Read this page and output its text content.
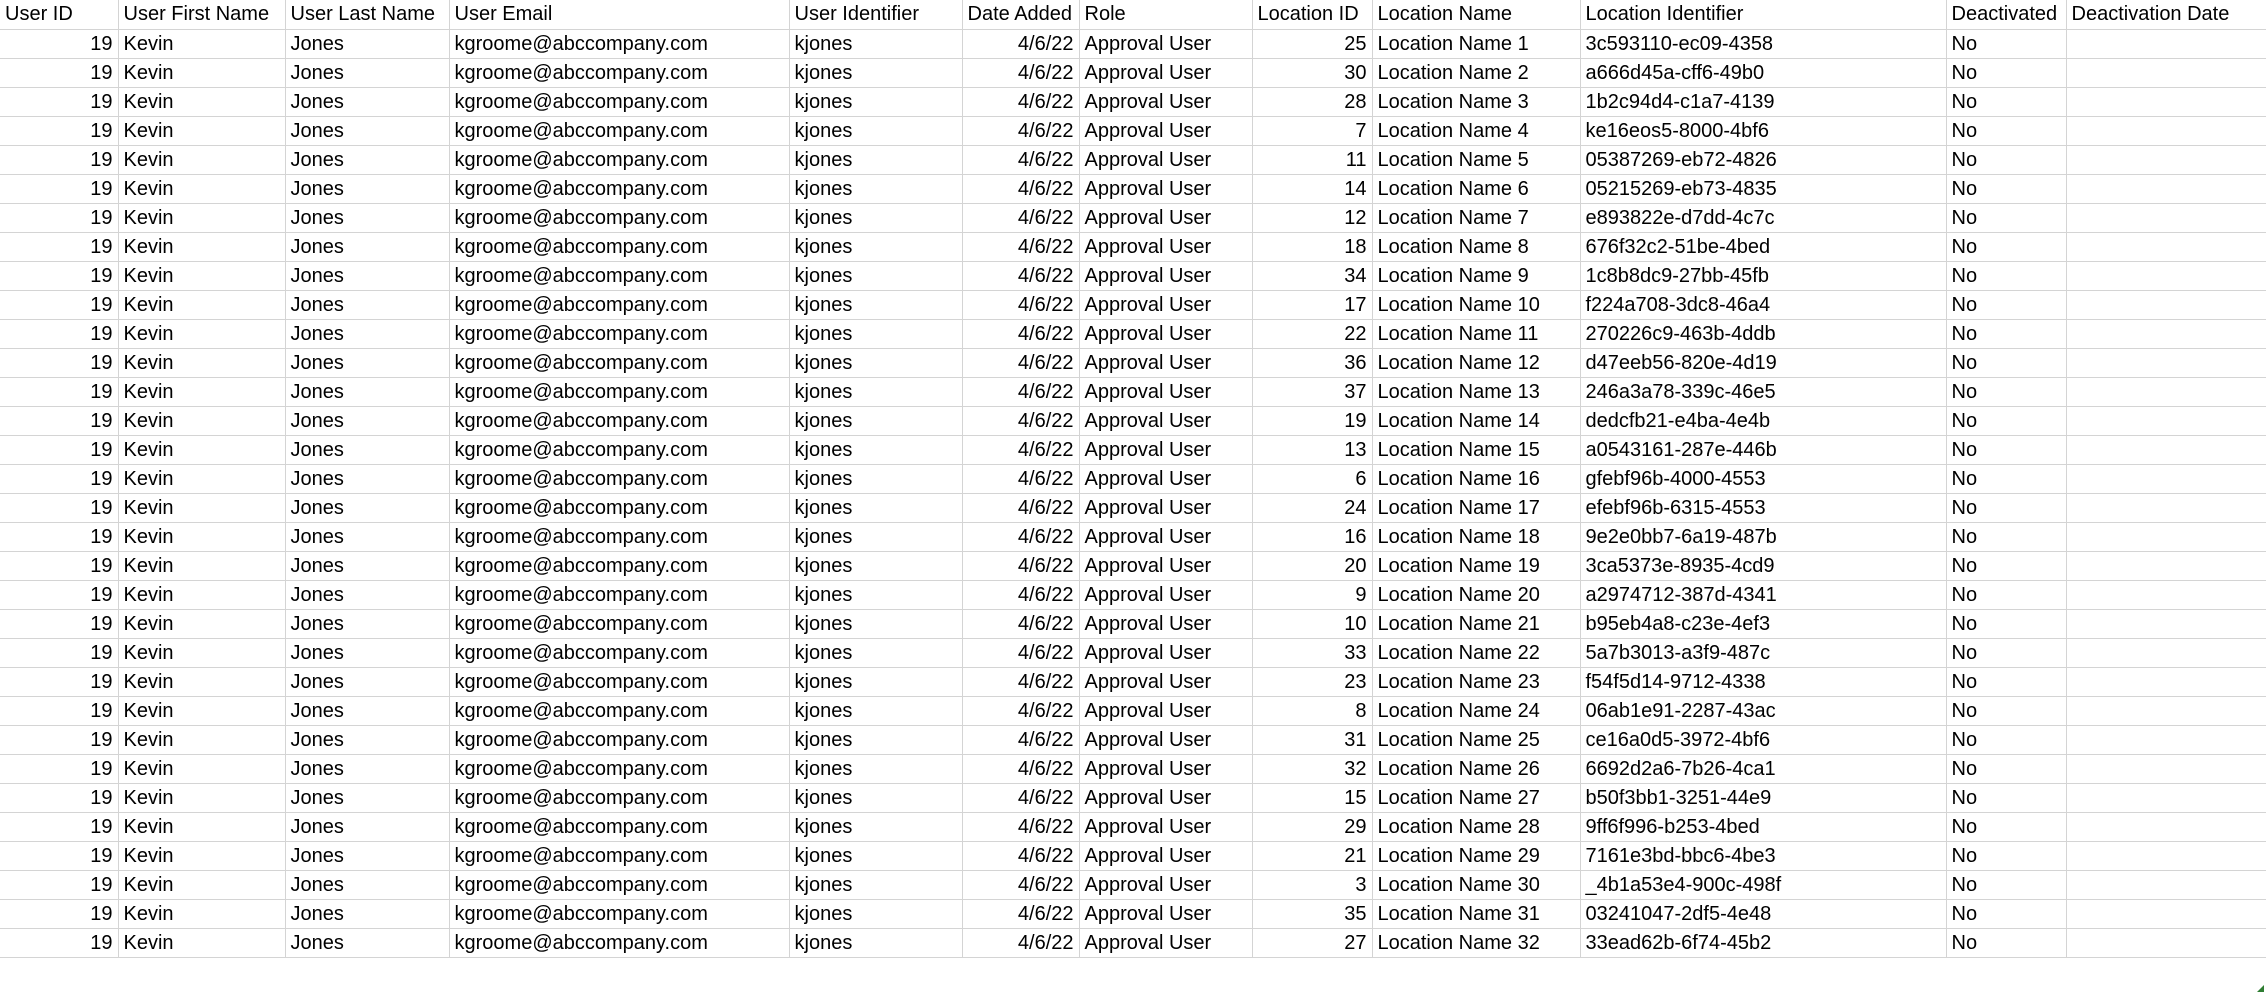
User ID	User First Name	User Last Name	User Email	User Identifier	Date Added	Role	Location ID	Location Name	Location Identifier	Deactivated	Deactivation Date
19	Kevin	Jones	kgroome@abccompany.com	kjones	4/6/22	Approval User	25	Location Name 1	3c593110-ec09-4358	No	
19	Kevin	Jones	kgroome@abccompany.com	kjones	4/6/22	Approval User	30	Location Name 2	a666d45a-cff6-49b0	No	
19	Kevin	Jones	kgroome@abccompany.com	kjones	4/6/22	Approval User	28	Location Name 3	1b2c94d4-c1a7-4139	No	
19	Kevin	Jones	kgroome@abccompany.com	kjones	4/6/22	Approval User	7	Location Name 4	ke16eos5-8000-4bf6	No	
19	Kevin	Jones	kgroome@abccompany.com	kjones	4/6/22	Approval User	11	Location Name 5	05387269-eb72-4826	No	
19	Kevin	Jones	kgroome@abccompany.com	kjones	4/6/22	Approval User	14	Location Name 6	05215269-eb73-4835	No	
19	Kevin	Jones	kgroome@abccompany.com	kjones	4/6/22	Approval User	12	Location Name 7	e893822e-d7dd-4c7c	No	
19	Kevin	Jones	kgroome@abccompany.com	kjones	4/6/22	Approval User	18	Location Name 8	676f32c2-51be-4bed	No	
19	Kevin	Jones	kgroome@abccompany.com	kjones	4/6/22	Approval User	34	Location Name 9	1c8b8dc9-27bb-45fb	No	
19	Kevin	Jones	kgroome@abccompany.com	kjones	4/6/22	Approval User	17	Location Name 10	f224a708-3dc8-46a4	No	
19	Kevin	Jones	kgroome@abccompany.com	kjones	4/6/22	Approval User	22	Location Name 11	270226c9-463b-4ddb	No	
19	Kevin	Jones	kgroome@abccompany.com	kjones	4/6/22	Approval User	36	Location Name 12	d47eeb56-820e-4d19	No	
19	Kevin	Jones	kgroome@abccompany.com	kjones	4/6/22	Approval User	37	Location Name 13	246a3a78-339c-46e5	No	
19	Kevin	Jones	kgroome@abccompany.com	kjones	4/6/22	Approval User	19	Location Name 14	dedcfb21-e4ba-4e4b	No	
19	Kevin	Jones	kgroome@abccompany.com	kjones	4/6/22	Approval User	13	Location Name 15	a0543161-287e-446b	No	
19	Kevin	Jones	kgroome@abccompany.com	kjones	4/6/22	Approval User	6	Location Name 16	gfebf96b-4000-4553	No	
19	Kevin	Jones	kgroome@abccompany.com	kjones	4/6/22	Approval User	24	Location Name 17	efebf96b-6315-4553	No	
19	Kevin	Jones	kgroome@abccompany.com	kjones	4/6/22	Approval User	16	Location Name 18	9e2e0bb7-6a19-487b	No	
19	Kevin	Jones	kgroome@abccompany.com	kjones	4/6/22	Approval User	20	Location Name 19	3ca5373e-8935-4cd9	No	
19	Kevin	Jones	kgroome@abccompany.com	kjones	4/6/22	Approval User	9	Location Name 20	a2974712-387d-4341	No	
19	Kevin	Jones	kgroome@abccompany.com	kjones	4/6/22	Approval User	10	Location Name 21	b95eb4a8-c23e-4ef3	No	
19	Kevin	Jones	kgroome@abccompany.com	kjones	4/6/22	Approval User	33	Location Name 22	5a7b3013-a3f9-487c	No	
19	Kevin	Jones	kgroome@abccompany.com	kjones	4/6/22	Approval User	23	Location Name 23	f54f5d14-9712-4338	No	
19	Kevin	Jones	kgroome@abccompany.com	kjones	4/6/22	Approval User	8	Location Name 24	06ab1e91-2287-43ac	No	
19	Kevin	Jones	kgroome@abccompany.com	kjones	4/6/22	Approval User	31	Location Name 25	ce16a0d5-3972-4bf6	No	
19	Kevin	Jones	kgroome@abccompany.com	kjones	4/6/22	Approval User	32	Location Name 26	6692d2a6-7b26-4ca1	No	
19	Kevin	Jones	kgroome@abccompany.com	kjones	4/6/22	Approval User	15	Location Name 27	b50f3bb1-3251-44e9	No	
19	Kevin	Jones	kgroome@abccompany.com	kjones	4/6/22	Approval User	29	Location Name 28	9ff6f996-b253-4bed	No	
19	Kevin	Jones	kgroome@abccompany.com	kjones	4/6/22	Approval User	21	Location Name 29	7161e3bd-bbc6-4be3	No	
19	Kevin	Jones	kgroome@abccompany.com	kjones	4/6/22	Approval User	3	Location Name 30	_4b1a53e4-900c-498f	No	
19	Kevin	Jones	kgroome@abccompany.com	kjones	4/6/22	Approval User	35	Location Name 31	03241047-2df5-4e48	No	
19	Kevin	Jones	kgroome@abccompany.com	kjones	4/6/22	Approval User	27	Location Name 32	33ead62b-6f74-45b2	No	
